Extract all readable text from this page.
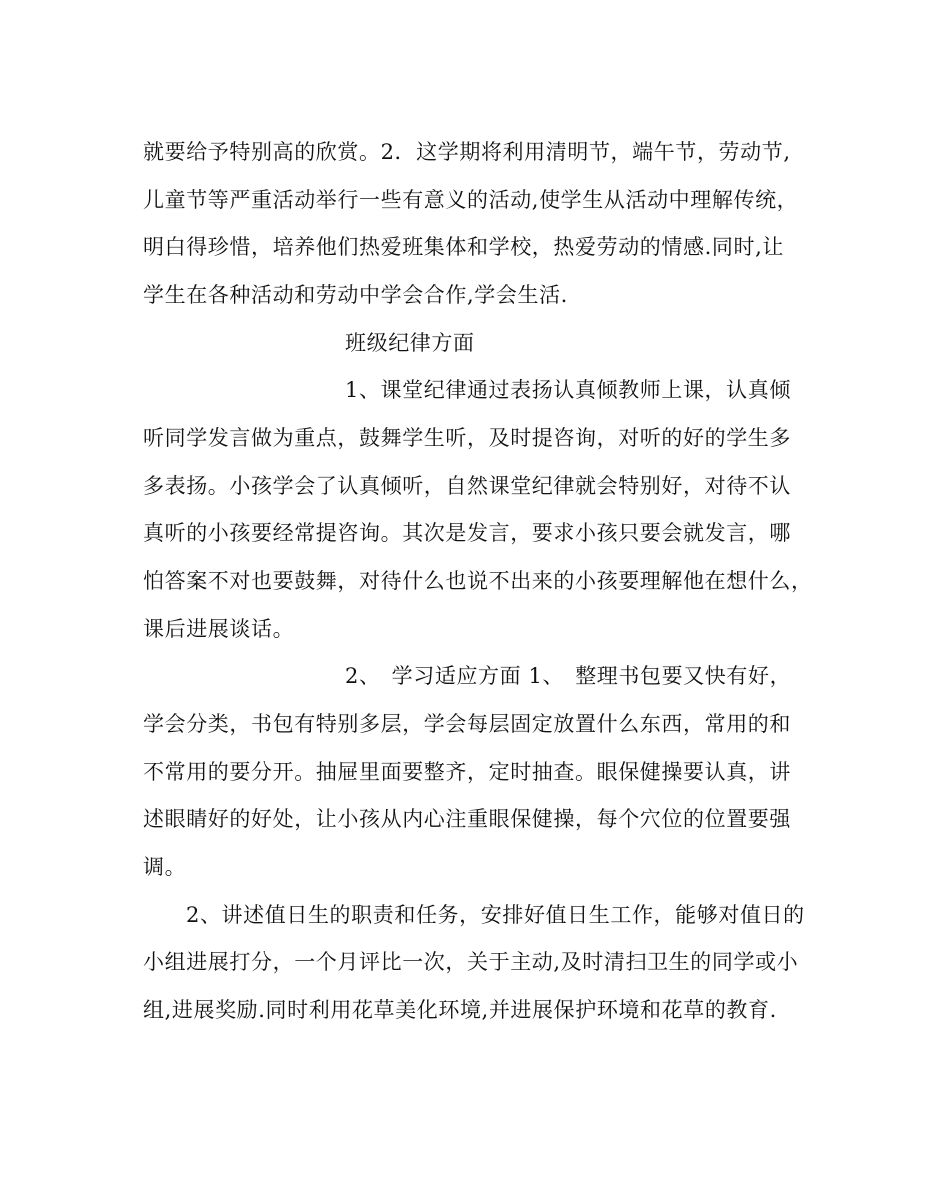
就要给予特别高的欣赏。2．这学期将利用清明节，端午节，劳动节,
儿童节等严重活动举行一些有意义的活动,使学生从活动中理解传统，
明白得珍惜，培养他们热爱班集体和学校，热爱劳动的情感.同时,让
学生在各种活动和劳动中学会合作,学会生活.
班级纪律方面
1、课堂纪律通过表扬认真倾教师上课，认真倾
听同学发言做为重点，鼓舞学生听，及时提咨询，对听的好的学生多
多表扬。小孩学会了认真倾听，自然课堂纪律就会特别好，对待不认
真听的小孩要经常提咨询。其次是发言，要求小孩只要会就发言，哪
怕答案不对也要鼓舞，对待什么也说不出来的小孩要理解他在想什么，
课后进展谈话。
2、　学习适应方面 1、　整理书包要又快有好，
学会分类，书包有特别多层，学会每层固定放置什么东西，常用的和
不常用的要分开。抽屉里面要整齐，定时抽查。眼保健操要认真，讲
述眼睛好的好处，让小孩从内心注重眼保健操，每个穴位的位置要强
调。
2、讲述值日生的职责和任务，安排好值日生工作，能够对值日的
小组进展打分，一个月评比一次，关于主动,及时清扫卫生的同学或小
组,进展奖励.同时利用花草美化环境,并进展保护环境和花草的教育.
